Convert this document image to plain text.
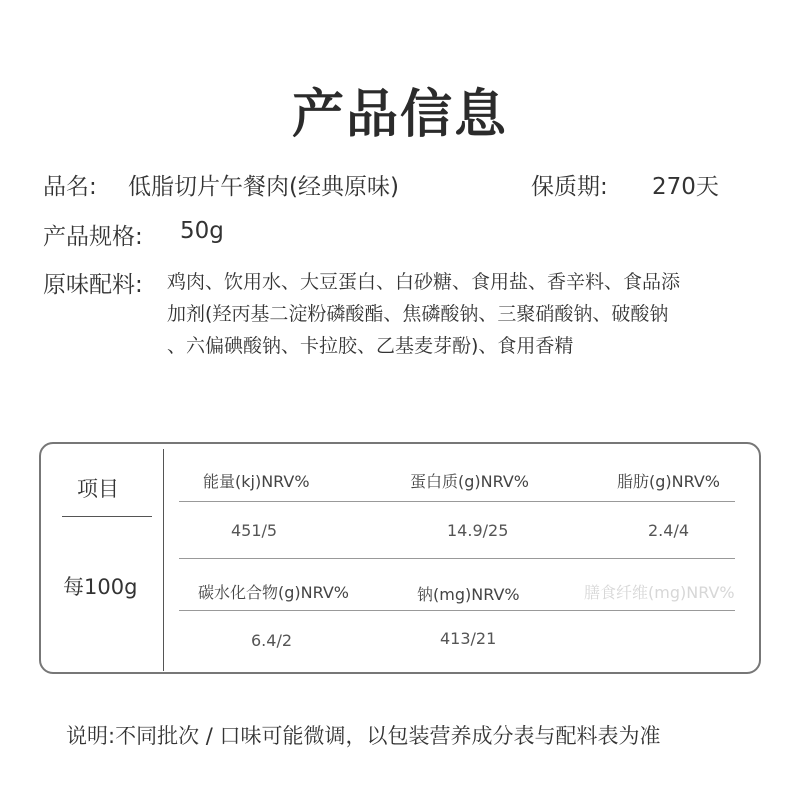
产品信息
品名: 低脂切片午餐肉(经典原味)	保质期: 270天
产品规格: 50g
原味配料: 鸡肉、饮用水、大豆蛋白、白砂糖、食用盐、香辛料、食品添
加剂(羟丙基二淀粉磷酸酯、焦磷酸钠、三聚硝酸钠、破酸钠
、六偏碘酸钠、卡拉胶、乙基麦芽酚)、食用香精
项目
每100g
能量(kj)NRV%	蛋白质(g)NRV%	脂肪(g)NRV%
451/5	14.9/25	2.4/4
碳水化合物(g)NRV%	钠(mg)NRV%	膳食纤维(mg)NRV%
6.4/2	413/21
说明:不同批次 / 口味可能微调，以包装营养成分表与配料表为准
